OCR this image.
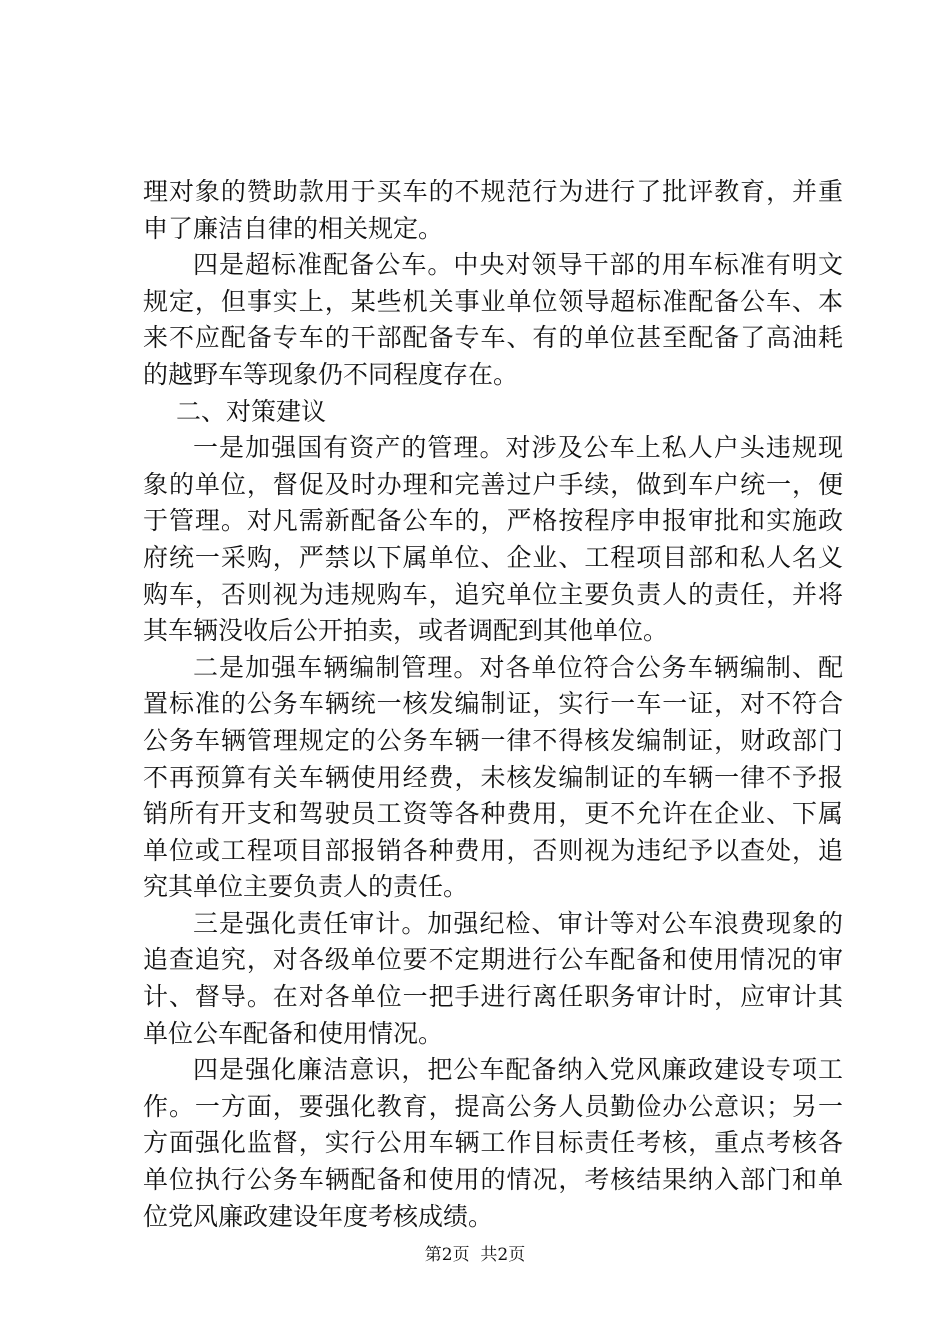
理对象的赞助款用于买车的不规范行为进行了批评教育，并重
申了廉洁自律的相关规定。
四是超标准配备公车。中央对领导干部的用车标准有明文
规定，但事实上，某些机关事业单位领导超标准配备公车、本
来不应配备专车的干部配备专车、有的单位甚至配备了高油耗
的越野车等现象仍不同程度存在。
二、对策建议
一是加强国有资产的管理。对涉及公车上私人户头违规现
象的单位，督促及时办理和完善过户手续，做到车户统一，便
于管理。对凡需新配备公车的，严格按程序申报审批和实施政
府统一采购，严禁以下属单位、企业、工程项目部和私人名义
购车，否则视为违规购车，追究单位主要负责人的责任，并将
其车辆没收后公开拍卖，或者调配到其他单位。
二是加强车辆编制管理。对各单位符合公务车辆编制、配
置标准的公务车辆统一核发编制证，实行一车一证，对不符合
公务车辆管理规定的公务车辆一律不得核发编制证，财政部门
不再预算有关车辆使用经费，未核发编制证的车辆一律不予报
销所有开支和驾驶员工资等各种费用，更不允许在企业、下属
单位或工程项目部报销各种费用，否则视为违纪予以查处，追
究其单位主要负责人的责任。
三是强化责任审计。加强纪检、审计等对公车浪费现象的
追查追究，对各级单位要不定期进行公车配备和使用情况的审
计、督导。在对各单位一把手进行离任职务审计时，应审计其
单位公车配备和使用情况。
四是强化廉洁意识，把公车配备纳入党风廉政建设专项工
作。一方面，要强化教育，提高公务人员勤俭办公意识；另一
方面强化监督，实行公用车辆工作目标责任考核，重点考核各
单位执行公务车辆配备和使用的情况，考核结果纳入部门和单
位党风廉政建设年度考核成绩。
第2页  共2页
